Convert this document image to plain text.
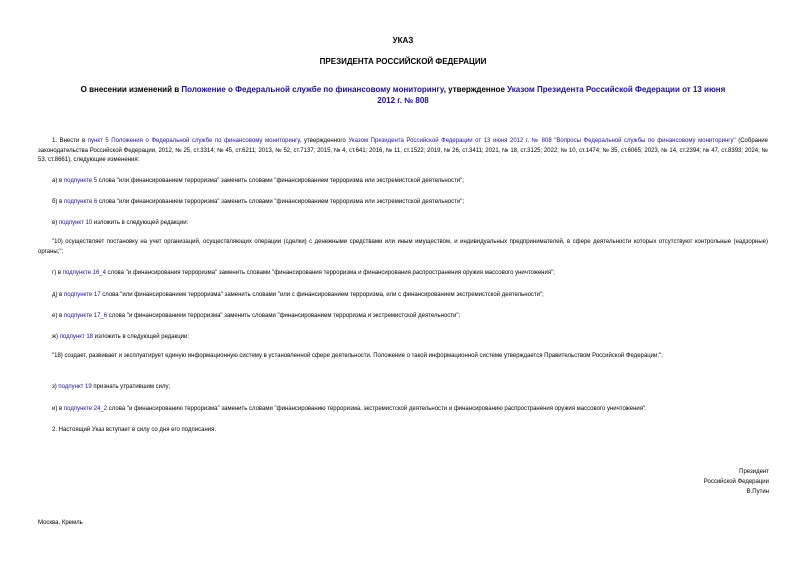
УКАЗ
ПРЕЗИДЕНТА РОССИЙСКОЙ ФЕДЕРАЦИИ
О внесении изменений в Положение о Федеральной службе по финансовому мониторингу, утвержденное Указом Президента Российской Федерации от 13 июня 2012 г. № 808
1. Внести в пункт 5 Положения о Федеральной службе по финансовому мониторингу, утвержденного Указом Президента Российской Федерации от 13 июня 2012 г. № 808 "Вопросы Федеральной службы по финансовому мониторингу" (Собрание законодательства Российской Федерации, 2012, № 25, ст.3314; № 45, ст.6211; 2013, № 52, ст.7137; 2015, № 4, ст.641; 2016, № 11, ст.1522; 2019, № 26, ст.3411; 2021, № 18, ст.3125; 2022, № 10, ст.1474; № 35, ст.6065; 2023, № 14, ст.2394; № 47, ст.8393; 2024, № 53, ст.8661), следующие изменения:
а) в подпункте 5 слова "или финансированием терроризма" заменить словами "финансированием терроризма или экстремистской деятельности";
б) в подпункте 6 слова "или финансированием терроризма" заменить словами "финансированием терроризма или экстремистской деятельности";
в) подпункт 10 изложить в следующей редакции:
"10) осуществляет постановку на учет организаций, осуществляющих операции (сделки) с денежными средствами или иным имуществом, и индивидуальных предпринимателей, в сфере деятельности которых отсутствуют контрольные (надзорные) органы;";
г) в подпункте 16_4 слова "и финансирования терроризма" заменить словами "финансирования терроризма и финансирования распространения оружия массового уничтожения";
д) в подпункте 17 слова "или финансированием терроризма" заменить словами "или с финансированием терроризма, или с финансированием экстремистской деятельности";
е) в подпункте 17_6 слова "и финансированием терроризма" заменить словами "финансированием терроризма и экстремистской деятельности";
ж) подпункт 18 изложить в следующей редакции:
"18) создает, развивает и эксплуатирует единую информационную систему в установленной сфере деятельности. Положение о такой информационной системе утверждается Правительством Российской Федерации;";
з) подпункт 19 признать утратившим силу;
и) в подпункте 24_2 слова "и финансированию терроризма" заменить словами "финансированию терроризма, экстремистской деятельности и финансированию распространения оружия массового уничтожения".
2. Настоящий Указ вступает в силу со дня его подписания.
Президент
Российской Федерации
В.Путин
Москва, Кремль
